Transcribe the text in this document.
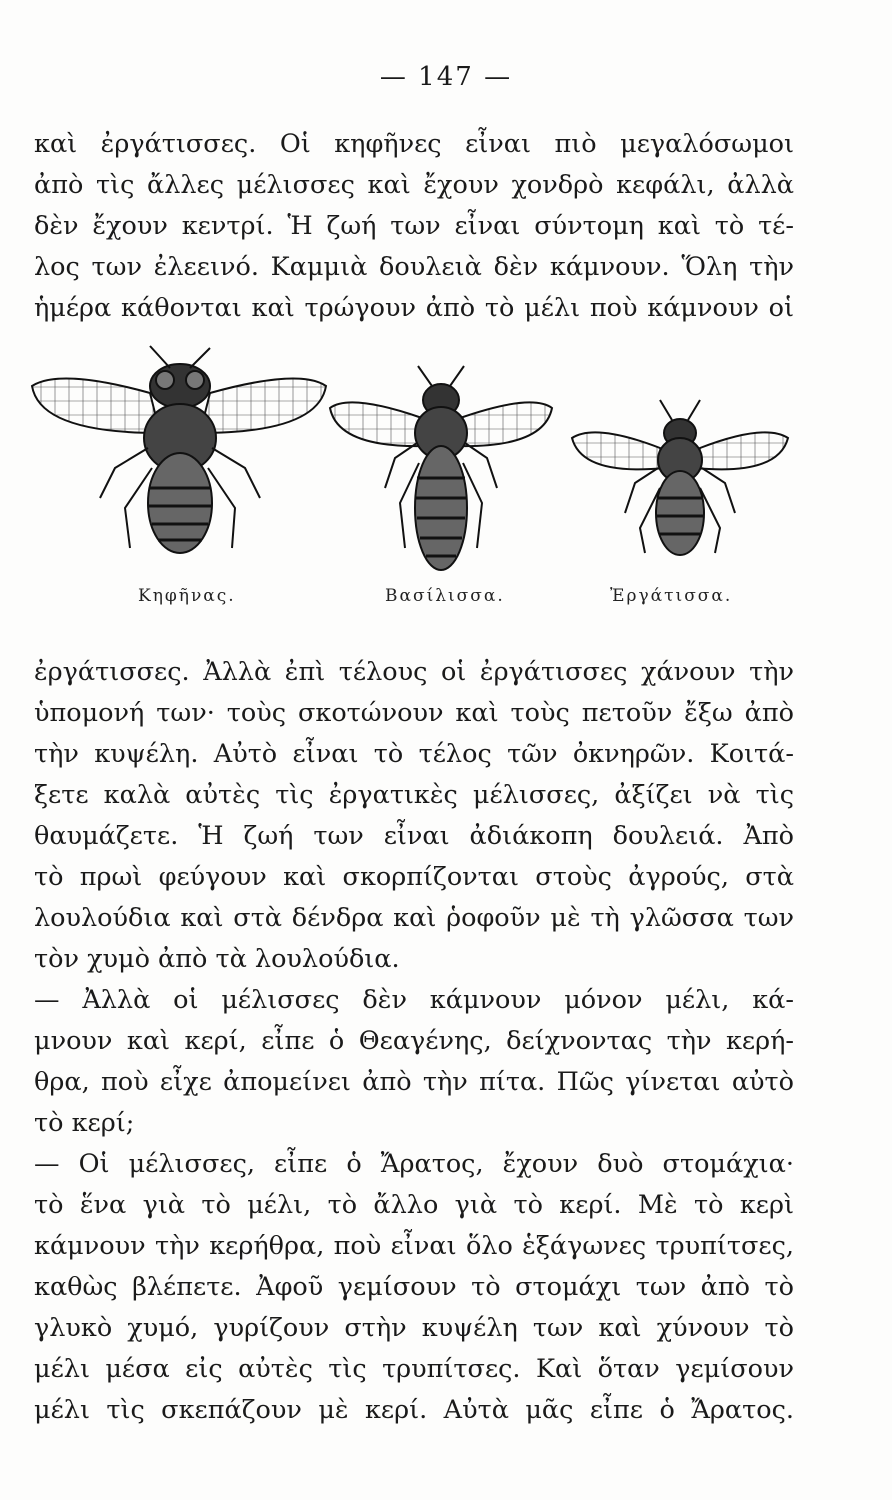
— 147 —
καὶ ἐργάτισσες. Οἱ κηφῆνες εἶναι πιὸ μεγαλόσωμοι
ἀπὸ τὶς ἄλλες μέλισσες καὶ ἔχουν χονδρὸ κεφάλι, ἀλλὰ
δὲν ἔχουν κεντρί. Ἡ ζωή των εἶναι σύντομη καὶ τὸ τέ-
λος των ἐλεεινό. Καμμιὰ δουλειὰ δὲν κάμνουν. Ὅλη τὴν
ἡμέρα κάθονται καὶ τρώγουν ἀπὸ τὸ μέλι ποὺ κάμνουν οἱ
Κηφῆνας.	Βασίλισσα.	Ἐργάτισσα.
ἐργάτισσες. Ἀλλὰ ἐπὶ τέλους οἱ ἐργάτισσες χάνουν τὴν
ὑπομονή των· τοὺς σκοτώνουν καὶ τοὺς πετοῦν ἔξω ἀπὸ
τὴν κυψέλη. Αὐτὸ εἶναι τὸ τέλος τῶν ὀκνηρῶν. Κοιτά-
ξετε καλὰ αὐτὲς τὶς ἐργατικὲς μέλισσες, ἀξίζει νὰ τὶς
θαυμάζετε. Ἡ ζωή των εἶναι ἀδιάκοπη δουλειά. Ἀπὸ
τὸ πρωὶ φεύγουν καὶ σκορπίζονται στοὺς ἀγρούς, στὰ
λουλούδια καὶ στὰ δένδρα καὶ ῥοφοῦν μὲ τὴ γλῶσσα των
τὸν χυμὸ ἀπὸ τὰ λουλούδια.
— Ἀλλὰ οἱ μέλισσες δὲν κάμνουν μόνον μέλι, κά-
μνουν καὶ κερί, εἶπε ὁ Θεαγένης, δείχνοντας τὴν κερή-
θρα, ποὺ εἶχε ἀπομείνει ἀπὸ τὴν πίτα. Πῶς γίνεται αὐτὸ
τὸ κερί;
— Οἱ μέλισσες, εἶπε ὁ Ἄρατος, ἔχουν δυὸ στομάχια·
τὸ ἕνα γιὰ τὸ μέλι, τὸ ἄλλο γιὰ τὸ κερί. Μὲ τὸ κερὶ
κάμνουν τὴν κερήθρα, ποὺ εἶναι ὅλο ἑξάγωνες τρυπίτσες,
καθὼς βλέπετε. Ἀφοῦ γεμίσουν τὸ στομάχι των ἀπὸ τὸ
γλυκὸ χυμό, γυρίζουν στὴν κυψέλη των καὶ χύνουν τὸ
μέλι μέσα εἰς αὐτὲς τὶς τρυπίτσες. Καὶ ὅταν γεμίσουν
μέλι τὶς σκεπάζουν μὲ κερί. Αὐτὰ μᾶς εἶπε ὁ Ἄρατος.
